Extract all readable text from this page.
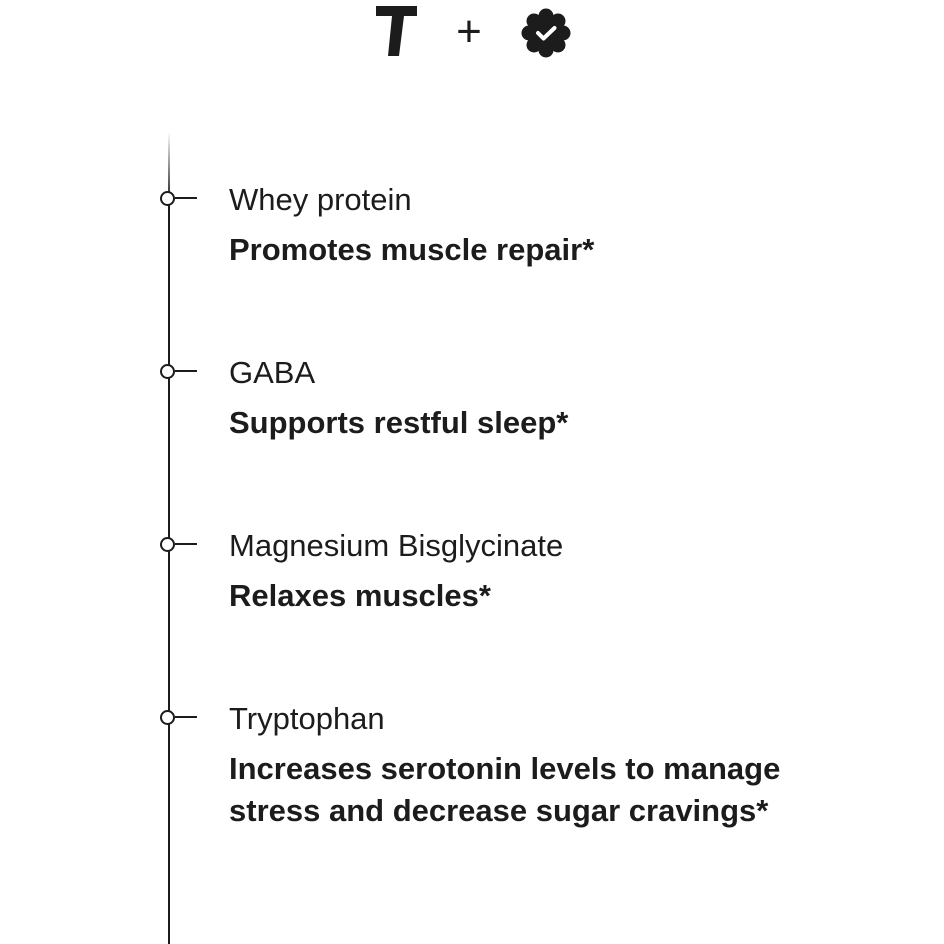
+
Whey protein
Promotes muscle repair*
GABA
Supports restful sleep*
Magnesium Bisglycinate
Relaxes muscles*
Tryptophan
Increases serotonin levels to manage stress and decrease sugar cravings*
